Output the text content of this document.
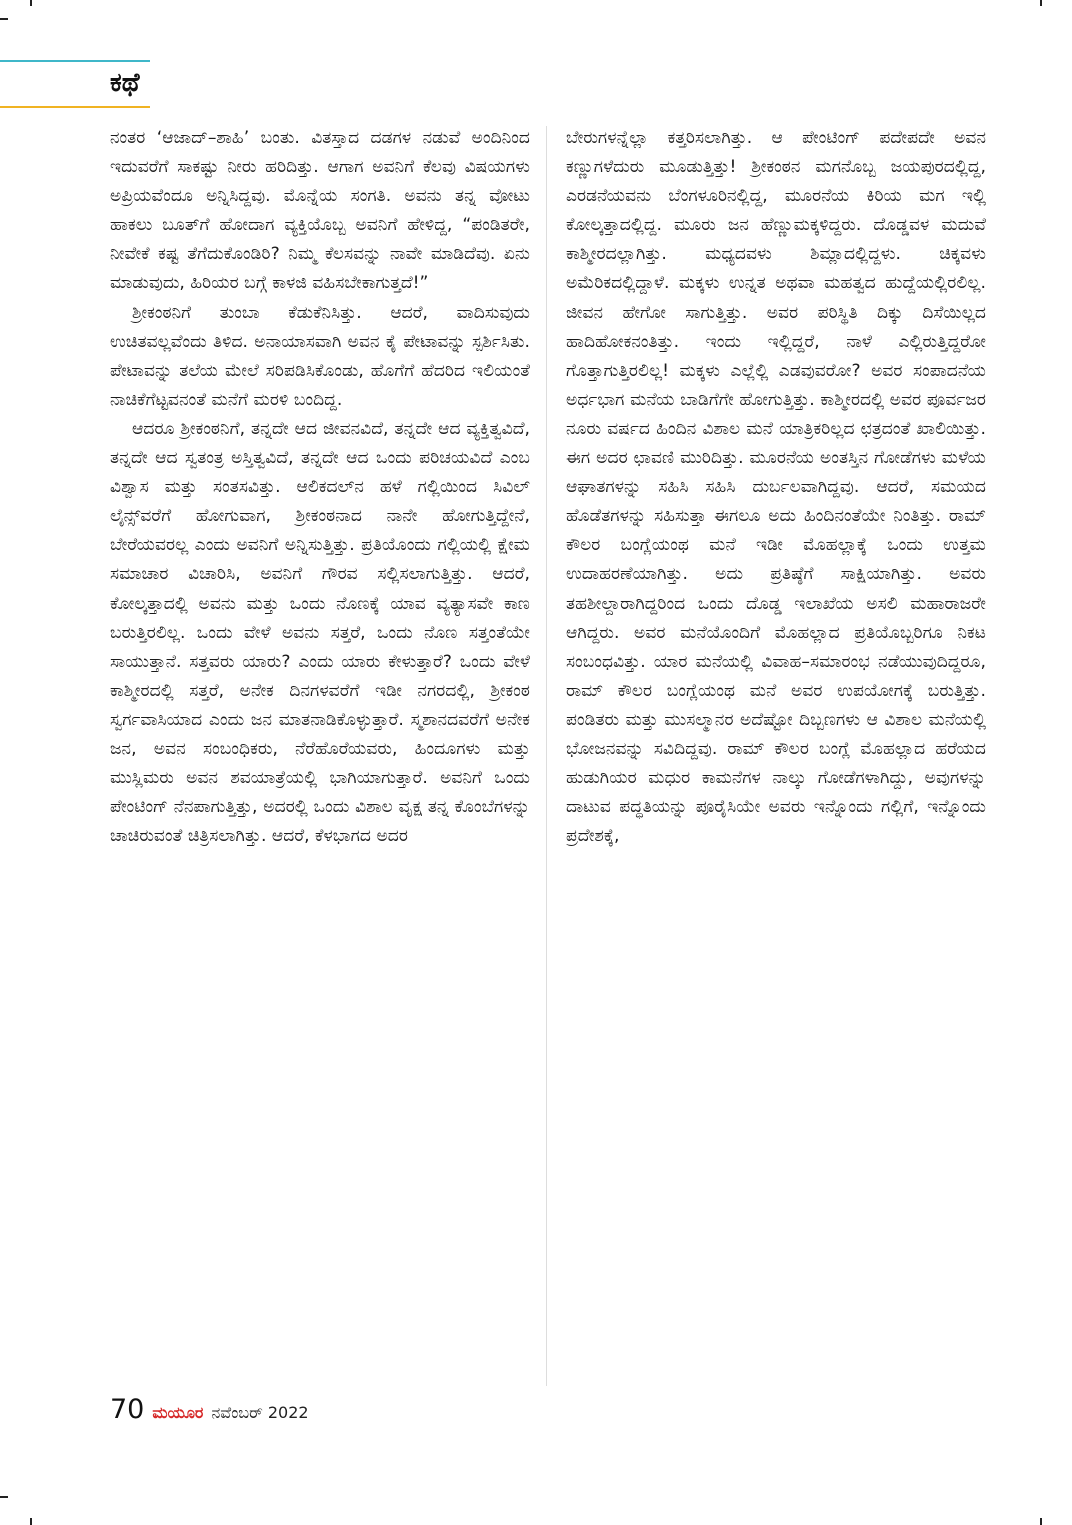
ಕಥೆ

ನಂತರ ‘ಆಜಾದ್–ಶಾಹಿ’ ಬಂತು. ವಿತಸ್ತಾದ ದಡಗಳ ನಡುವೆ ಅಂದಿನಿಂದ ಇದುವರೆಗೆ ಸಾಕಷ್ಟು ನೀರು ಹರಿದಿತ್ತು. ಆಗಾಗ ಅವನಿಗೆ ಕೆಲವು ವಿಷಯಗಳು ಅಪ್ರಿಯವೆಂದೂ ಅನ್ನಿಸಿದ್ದವು. ಮೊನ್ನೆಯ ಸಂಗತಿ. ಅವನು ತನ್ನ ವೋಟು ಹಾಕಲು ಬೂತ್‌ಗೆ ಹೋದಾಗ ವ್ಯಕ್ತಿಯೊಬ್ಬ ಅವನಿಗೆ ಹೇಳಿದ್ದ, “ಪಂಡಿತರೇ, ನೀವೇಕೆ ಕಷ್ಟ ತೆಗೆದುಕೊಂಡಿರಿ? ನಿಮ್ಮ ಕೆಲಸವನ್ನು ನಾವೇ ಮಾಡಿದೆವು. ಏನು ಮಾಡುವುದು, ಹಿರಿಯರ ಬಗ್ಗೆ ಕಾಳಜಿ ವಹಿಸಬೇಕಾಗುತ್ತದೆ!”

ಶ್ರೀಕಂಠನಿಗೆ ತುಂಬಾ ಕೆಡುಕೆನಿಸಿತ್ತು. ಆದರೆ, ವಾದಿಸುವುದು ಉಚಿತವಲ್ಲವೆಂದು ತಿಳಿದ. ಅನಾಯಾಸವಾಗಿ ಅವನ ಕೈ ಪೇಟಾವನ್ನು ಸ್ಪರ್ಶಿಸಿತು. ಪೇಟಾವನ್ನು ತಲೆಯ ಮೇಲೆ ಸರಿಪಡಿಸಿಕೊಂಡು, ಹೊಗೆಗೆ ಹೆದರಿದ ಇಲಿಯಂತೆ ನಾಚಿಕೆಗೆಟ್ಟವನಂತೆ ಮನೆಗೆ ಮರಳಿ ಬಂದಿದ್ದ.

ಆದರೂ ಶ್ರೀಕಂಠನಿಗೆ, ತನ್ನದೇ ಆದ ಜೀವನವಿದೆ, ತನ್ನದೇ ಆದ ವ್ಯಕ್ತಿತ್ವವಿದೆ, ತನ್ನದೇ ಆದ ಸ್ವತಂತ್ರ ಅಸ್ತಿತ್ವವಿದೆ, ತನ್ನದೇ ಆದ ಒಂದು ಪರಿಚಯವಿದೆ ಎಂಬ ವಿಶ್ವಾಸ ಮತ್ತು ಸಂತಸವಿತ್ತು. ಆಲಿಕದಲ್‌ನ ಹಳೆ ಗಲ್ಲಿಯಿಂದ ಸಿವಿಲ್ ಲೈನ್ಸ್‌ವರೆಗೆ ಹೋಗುವಾಗ, ಶ್ರೀಕಂಠನಾದ ನಾನೇ ಹೋಗುತ್ತಿದ್ದೇನೆ, ಬೇರೆಯವರಲ್ಲ ಎಂದು ಅವನಿಗೆ ಅನ್ನಿಸುತ್ತಿತ್ತು. ಪ್ರತಿಯೊಂದು ಗಲ್ಲಿಯಲ್ಲಿ ಕ್ಷೇಮ ಸಮಾಚಾರ ವಿಚಾರಿಸಿ, ಅವನಿಗೆ ಗೌರವ ಸಲ್ಲಿಸಲಾಗುತ್ತಿತ್ತು. ಆದರೆ, ಕೋಲ್ಕತ್ತಾದಲ್ಲಿ ಅವನು ಮತ್ತು ಒಂದು ನೊಣಕ್ಕೆ ಯಾವ ವ್ಯತ್ಯಾಸವೇ ಕಾಣ ಬರುತ್ತಿರಲಿಲ್ಲ. ಒಂದು ವೇಳೆ ಅವನು ಸತ್ತರೆ, ಒಂದು ನೊಣ ಸತ್ತಂತೆಯೇ ಸಾಯುತ್ತಾನೆ. ಸತ್ತವರು ಯಾರು? ಎಂದು ಯಾರು ಕೇಳುತ್ತಾರೆ? ಒಂದು ವೇಳೆ ಕಾಶ್ಮೀರದಲ್ಲಿ ಸತ್ತರೆ, ಅನೇಕ ದಿನಗಳವರೆಗೆ ಇಡೀ ನಗರದಲ್ಲಿ, ಶ್ರೀಕಂಠ ಸ್ವರ್ಗವಾಸಿಯಾದ ಎಂದು ಜನ ಮಾತನಾಡಿಕೊಳ್ಳುತ್ತಾರೆ. ಸ್ಮಶಾನದವರೆಗೆ ಅನೇಕ ಜನ, ಅವನ ಸಂಬಂಧಿಕರು, ನೆರೆಹೊರೆಯವರು, ಹಿಂದೂಗಳು ಮತ್ತು ಮುಸ್ಲಿಮರು ಅವನ ಶವಯಾತ್ರೆಯಲ್ಲಿ ಭಾಗಿಯಾಗುತ್ತಾರೆ. ಅವನಿಗೆ ಒಂದು ಪೇಂಟಿಂಗ್ ನೆನಪಾಗುತ್ತಿತ್ತು, ಅದರಲ್ಲಿ ಒಂದು ವಿಶಾಲ ವೃಕ್ಷ ತನ್ನ ಕೊಂಬೆಗಳನ್ನು ಚಾಚಿರುವಂತೆ ಚಿತ್ರಿಸಲಾಗಿತ್ತು. ಆದರೆ, ಕೆಳಭಾಗದ ಅದರ

ಬೇರುಗಳನ್ನೆಲ್ಲಾ ಕತ್ತರಿಸಲಾಗಿತ್ತು. ಆ ಪೇಂಟಿಂಗ್ ಪದೇಪದೇ ಅವನ ಕಣ್ಣುಗಳೆದುರು ಮೂಡುತ್ತಿತ್ತು! ಶ್ರೀಕಂಠನ ಮಗನೊಬ್ಬ ಜಯಪುರದಲ್ಲಿದ್ದ, ಎರಡನೆಯವನು ಬೆಂಗಳೂರಿನಲ್ಲಿದ್ದ, ಮೂರನೆಯ ಕಿರಿಯ ಮಗ ಇಲ್ಲಿ ಕೋಲ್ಕತ್ತಾದಲ್ಲಿದ್ದ. ಮೂರು ಜನ ಹೆಣ್ಣುಮಕ್ಕಳಿದ್ದರು. ದೊಡ್ಡವಳ ಮದುವೆ ಕಾಶ್ಮೀರದಲ್ಲಾಗಿತ್ತು. ಮಧ್ಯದವಳು ಶಿಮ್ಲಾದಲ್ಲಿದ್ದಳು. ಚಿಕ್ಕವಳು ಅಮೆರಿಕದಲ್ಲಿದ್ದಾಳೆ. ಮಕ್ಕಳು ಉನ್ನತ ಅಥವಾ ಮಹತ್ವದ ಹುದ್ದೆಯಲ್ಲಿರಲಿಲ್ಲ. ಜೀವನ ಹೇಗೋ ಸಾಗುತ್ತಿತ್ತು. ಅವರ ಪರಿಸ್ಥಿತಿ ದಿಕ್ಕು ದಿಸೆಯಿಲ್ಲದ ಹಾದಿಹೋಕನಂತಿತ್ತು. ಇಂದು ಇಲ್ಲಿದ್ದರೆ, ನಾಳೆ ಎಲ್ಲಿರುತ್ತಿದ್ದರೋ ಗೊತ್ತಾಗುತ್ತಿರಲಿಲ್ಲ! ಮಕ್ಕಳು ಎಲ್ಲೆಲ್ಲಿ ಎಡವುವರೋ? ಅವರ ಸಂಪಾದನೆಯ ಅರ್ಧಭಾಗ ಮನೆಯ ಬಾಡಿಗೆಗೇ ಹೋಗುತ್ತಿತ್ತು. ಕಾಶ್ಮೀರದಲ್ಲಿ ಅವರ ಪೂರ್ವಜರ ನೂರು ವರ್ಷದ ಹಿಂದಿನ ವಿಶಾಲ ಮನೆ ಯಾತ್ರಿಕರಿಲ್ಲದ ಛತ್ರದಂತೆ ಖಾಲಿಯಿತ್ತು. ಈಗ ಅದರ ಛಾವಣಿ ಮುರಿದಿತ್ತು. ಮೂರನೆಯ ಅಂತಸ್ತಿನ ಗೋಡೆಗಳು ಮಳೆಯ ಆಘಾತಗಳನ್ನು ಸಹಿಸಿ ಸಹಿಸಿ ದುರ್ಬಲವಾಗಿದ್ದವು. ಆದರೆ, ಸಮಯದ ಹೊಡೆತಗಳನ್ನು ಸಹಿಸುತ್ತಾ ಈಗಲೂ ಅದು ಹಿಂದಿನಂತೆಯೇ ನಿಂತಿತ್ತು. ರಾಮ್ ಕೌಲರ ಬಂಗ್ಲೆಯಂಥ ಮನೆ ಇಡೀ ಮೊಹಲ್ಲಾಕ್ಕೆ ಒಂದು ಉತ್ತಮ ಉದಾಹರಣೆಯಾಗಿತ್ತು. ಅದು ಪ್ರತಿಷ್ಠೆಗೆ ಸಾಕ್ಷಿಯಾಗಿತ್ತು. ಅವರು ತಹಶೀಲ್ದಾರಾಗಿದ್ದರಿಂದ ಒಂದು ದೊಡ್ಡ ಇಲಾಖೆಯ ಅಸಲಿ ಮಹಾರಾಜರೇ ಆಗಿದ್ದರು. ಅವರ ಮನೆಯೊಂದಿಗೆ ಮೊಹಲ್ಲಾದ ಪ್ರತಿಯೊಬ್ಬರಿಗೂ ನಿಕಟ ಸಂಬಂಧವಿತ್ತು. ಯಾರ ಮನೆಯಲ್ಲಿ ವಿವಾಹ–ಸಮಾರಂಭ ನಡೆಯುವುದಿದ್ದರೂ, ರಾಮ್ ಕೌಲರ ಬಂಗ್ಲೆಯಂಥ ಮನೆ ಅವರ ಉಪಯೋಗಕ್ಕೆ ಬರುತ್ತಿತ್ತು. ಪಂಡಿತರು ಮತ್ತು ಮುಸಲ್ಮಾನರ ಅದೆಷ್ಟೋ ದಿಬ್ಬಣಗಳು ಆ ವಿಶಾಲ ಮನೆಯಲ್ಲಿ ಭೋಜನವನ್ನು ಸವಿದಿದ್ದವು. ರಾಮ್ ಕೌಲರ ಬಂಗ್ಲೆ ಮೊಹಲ್ಲಾದ ಹರೆಯದ ಹುಡುಗಿಯರ ಮಧುರ ಕಾಮನೆಗಳ ನಾಲ್ಕು ಗೋಡೆಗಳಾಗಿದ್ದು, ಅವುಗಳನ್ನು ದಾಟುವ ಪದ್ಧತಿಯನ್ನು ಪೂರೈಸಿಯೇ ಅವರು ಇನ್ನೊಂದು ಗಲ್ಲಿಗೆ, ಇನ್ನೊಂದು ಪ್ರದೇಶಕ್ಕೆ,

70 ಮಯೂರ ನವೆಂಬರ್ 2022
